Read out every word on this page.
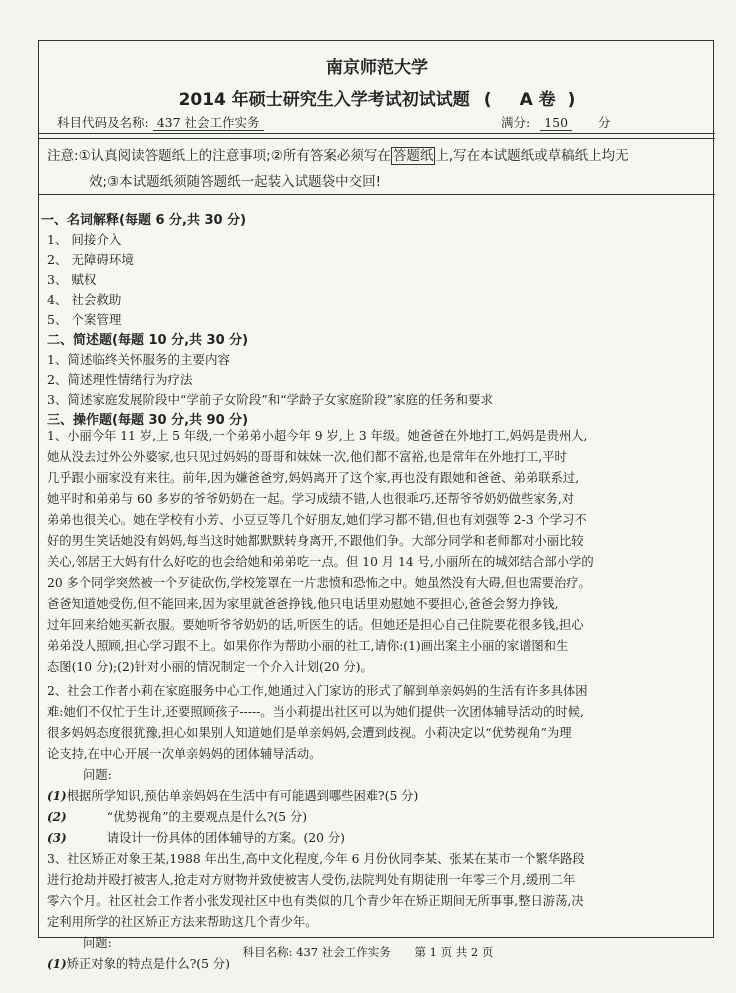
南京师范大学
2014 年硕士研究生入学考试初试试题 ( A 卷 )
科目代码及名称: 437 社会工作实务	满分: 150 分
注意:①认真阅读答题纸上的注意事项;②所有答案必须写在 答题纸 上,写在本试题纸或草稿纸上均无
效;③本试题纸须随答题纸一起装入试题袋中交回!
一、名词解释(每题 6 分,共 30 分)
1、 间接介入
2、 无障碍环境
3、 赋权
4、 社会救助
5、 个案管理
二、简述题(每题 10 分,共 30 分)
1、简述临终关怀服务的主要内容
2、简述理性情绪行为疗法
3、简述家庭发展阶段中“学前子女阶段”和“学龄子女家庭阶段”家庭的任务和要求
三、操作题(每题 30 分,共 90 分)
1、小丽今年 11 岁,上 5 年级,一个弟弟小超今年 9 岁,上 3 年级。她爸爸在外地打工,妈妈是贵州人,
她从没去过外公外婆家,也只见过妈妈的哥哥和妹妹一次,他们都不富裕,也是常年在外地打工,平时
几乎跟小丽家没有来往。前年,因为嫌爸爸穷,妈妈离开了这个家,再也没有跟她和爸爸、弟弟联系过,
她平时和弟弟与 60 多岁的爷爷奶奶在一起。学习成绩不错,人也很乖巧,还帮爷爷奶奶做些家务,对
弟弟也很关心。她在学校有小芳、小豆豆等几个好朋友,她们学习都不错,但也有刘强等 2-3 个学习不
好的男生笑话她没有妈妈,每当这时她都默默转身离开,不跟他们争。大部分同学和老师都对小丽比较
关心,邻居王大妈有什么好吃的也会给她和弟弟吃一点。但 10 月 14 号,小丽所在的城郊结合部小学的
20 多个同学突然被一个歹徒砍伤,学校笼罩在一片悲愤和恐怖之中。她虽然没有大碍,但也需要治疗。
爸爸知道她受伤,但不能回来,因为家里就爸爸挣钱,他只电话里劝慰她不要担心,爸爸会努力挣钱,
过年回来给她买新衣服。要她听爷爷奶奶的话,听医生的话。但她还是担心自己住院要花很多钱,担心
弟弟没人照顾,担心学习跟不上。如果你作为帮助小丽的社工,请你:(1)画出案主小丽的家谱图和生
态图(10 分);(2)针对小丽的情况制定一个介入计划(20 分)。
2、社会工作者小莉在家庭服务中心工作,她通过入门家访的形式了解到单亲妈妈的生活有许多具体困
难:她们不仅忙于生计,还要照顾孩子-----。当小莉提出社区可以为她们提供一次团体辅导活动的时候,
很多妈妈态度很犹豫,担心如果别人知道她们是单亲妈妈,会遭到歧视。小莉决定以“优势视角”为理
论支持,在中心开展一次单亲妈妈的团体辅导活动。
问题:
(1)根据所学知识,预估单亲妈妈在生活中有可能遇到哪些困难?(5 分)
(2)	“优势视角”的主要观点是什么?(5 分)
(3)	请设计一份具体的团体辅导的方案。(20 分)
3、社区矫正对象王某,1988 年出生,高中文化程度,今年 6 月份伙同李某、张某在某市一个繁华路段
进行抢劫并殴打被害人,抢走对方财物并致使被害人受伤,法院判处有期徒刑一年零三个月,缓刑二年
零六个月。社区社会工作者小张发现社区中也有类似的几个青少年在矫正期间无所事事,整日游荡,决
定利用所学的社区矫正方法来帮助这几个青少年。
问题:
(1)矫正对象的特点是什么?(5 分)
科目名称: 437 社会工作实务 第 1 页 共 2 页
